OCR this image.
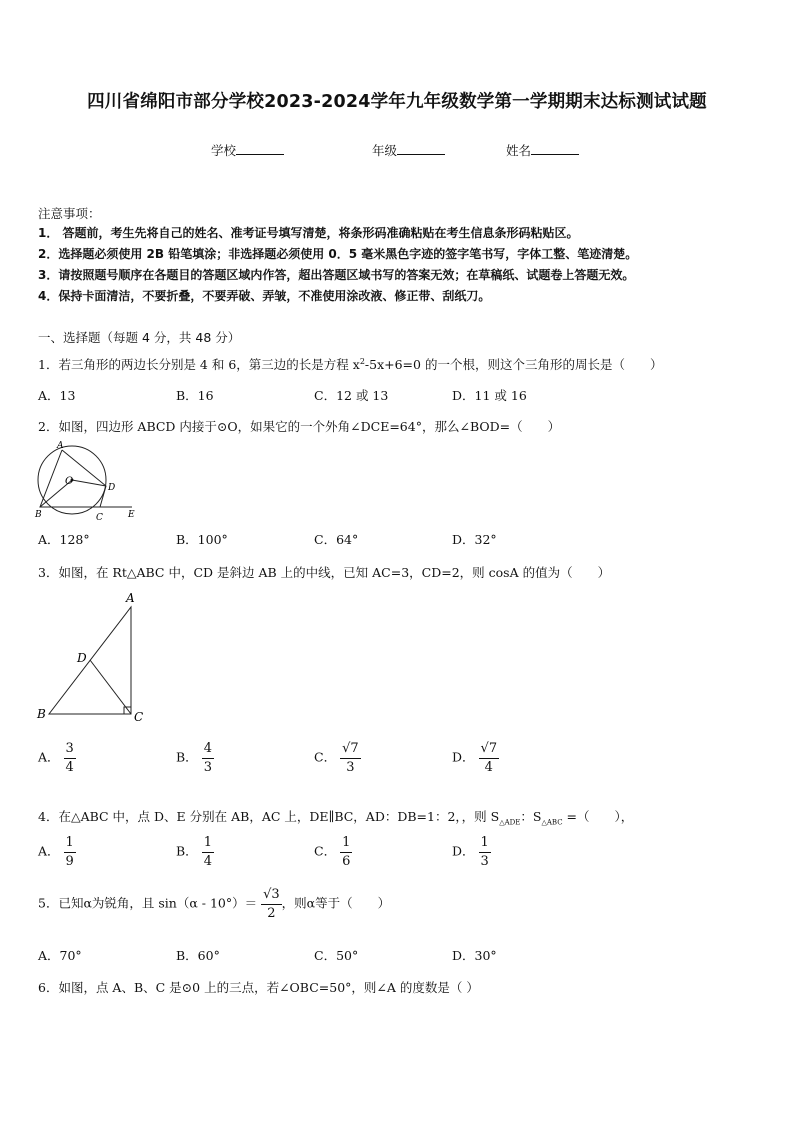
四川省绵阳市部分学校2023-2024学年九年级数学第一学期期末达标测试试题
学校	年级	姓名
注意事项：
1． 答题前，考生先将自己的姓名、准考证号填写清楚，将条形码准确粘贴在考生信息条形码粘贴区。
2．选择题必须使用 2B 铅笔填涂；非选择题必须使用 0．5 毫米黑色字迹的签字笔书写，字体工整、笔迹清楚。
3．请按照题号顺序在各题目的答题区域内作答，超出答题区域书写的答案无效；在草稿纸、试题卷上答题无效。
4．保持卡面清洁，不要折叠，不要弄破、弄皱，不准使用涂改液、修正带、刮纸刀。
一、选择题（每题 4 分，共 48 分）
1．若三角形的两边长分别是 4 和 6，第三边的长是方程 $x^2-5x+6=0$ 的一个根，则这个三角形的周长是（　　）
A．13	B．16	C．12 或 13	D．11 或 16
2．如图，四边形 ABCD 内接于⊙O，如果它的一个外角∠DCE=64°，那么∠BOD=（　　）
A
O
D
B	C	E
A．128°	B．100°	C．64°	D．32°
3．如图，在 Rt△ABC 中，CD 是斜边 AB 上的中线，已知 AC=3，CD=2，则 cosA 的值为（　　）
A
D
B	C
A． $\frac{3}{4}$	B． $\frac{4}{3}$	C． $\frac{√7}{3}$	D． $\frac{√7}{4}$
4．在△ABC 中，点 D、E 分别在 AB，AC 上，DE∥BC，AD：DB=1：2，，则 $S_{\triangle ADE}$：$S_{\triangle ABC}$ =（　　），
A． $\frac{1}{9}$	B． $\frac{1}{4}$	C． $\frac{1}{6}$	D． $\frac{1}{3}$
5．已知α为锐角，且 $\sin(\alpha - 10^\circ)= \frac{√3}{2}$ ，则α等于（　　）
A．70°	B．60°	C．50°	D．30°
6．如图，点 A、B、C 是⊙0 上的三点，若∠OBC=50°，则∠A 的度数是（ ）
